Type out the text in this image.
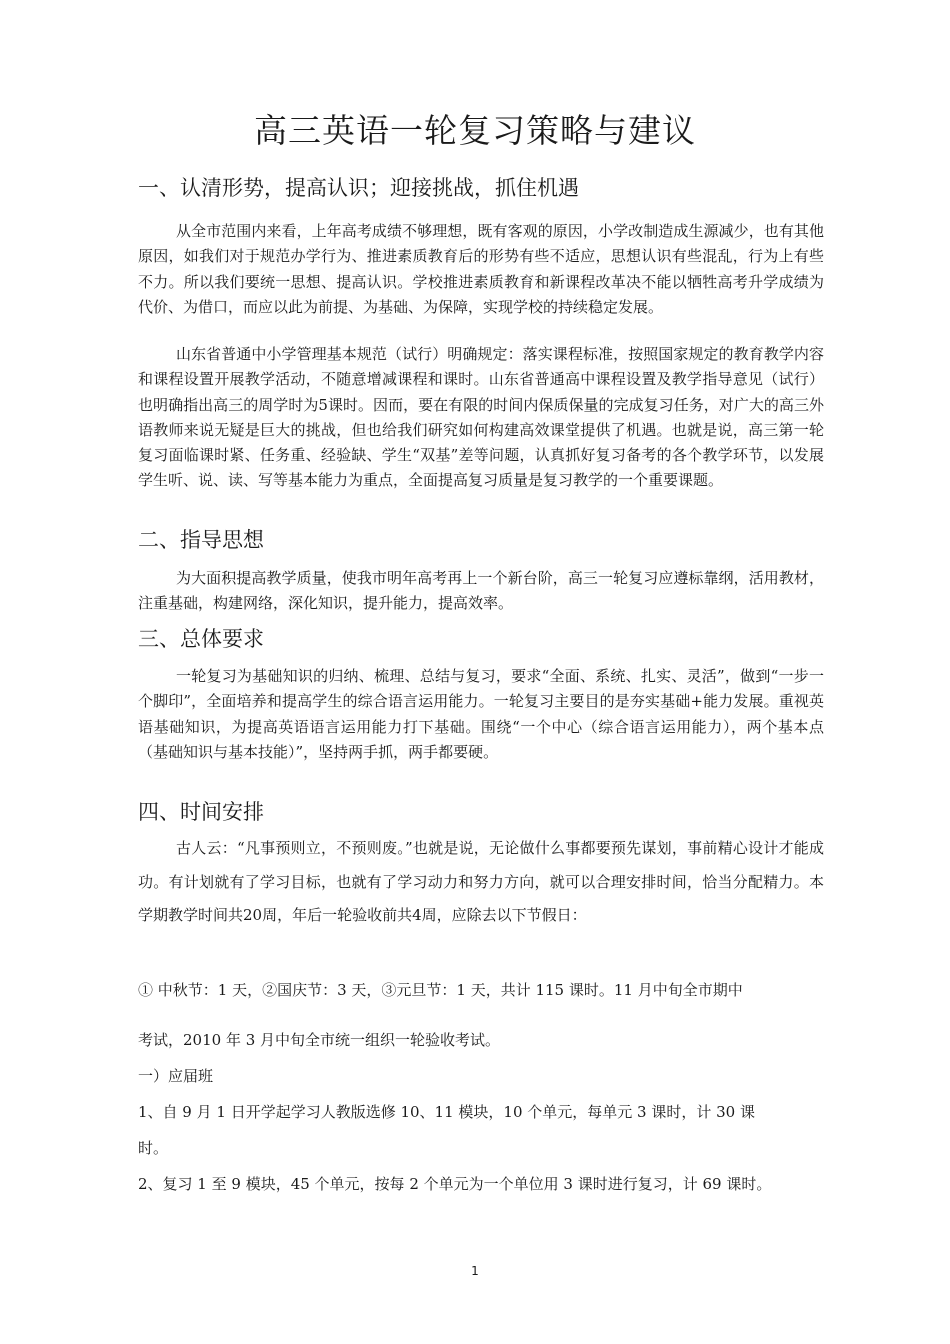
高三英语一轮复习策略与建议
一、认清形势，提高认识；迎接挑战，抓住机遇
从全市范围内来看，上年高考成绩不够理想，既有客观的原因，小学改制造成生源减少，也有其他原因，如我们对于规范办学行为、推进素质教育后的形势有些不适应，思想认识有些混乱，行为上有些不力。所以我们要统一思想、提高认识。学校推进素质教育和新课程改革决不能以牺牲高考升学成绩为代价、为借口，而应以此为前提、为基础、为保障，实现学校的持续稳定发展。
山东省普通中小学管理基本规范（试行）明确规定：落实课程标准，按照国家规定的教育教学内容和课程设置开展教学活动，不随意增减课程和课时。山东省普通高中课程设置及教学指导意见（试行）也明确指出高三的周学时为5课时。因而，要在有限的时间内保质保量的完成复习任务，对广大的高三外语教师来说无疑是巨大的挑战，但也给我们研究如何构建高效课堂提供了机遇。也就是说，高三第一轮复习面临课时紧、任务重、经验缺、学生“双基”差等问题，认真抓好复习备考的各个教学环节，以发展学生听、说、读、写等基本能力为重点，全面提高复习质量是复习教学的一个重要课题。
二、指导思想
为大面积提高教学质量，使我市明年高考再上一个新台阶，高三一轮复习应遵标靠纲，活用教材，注重基础，构建网络，深化知识，提升能力，提高效率。
三、总体要求
一轮复习为基础知识的归纳、梳理、总结与复习，要求“全面、系统、扎实、灵活”，做到“一步一个脚印”，全面培养和提高学生的综合语言运用能力。一轮复习主要目的是夯实基础+能力发展。重视英语基础知识，为提高英语语言运用能力打下基础。围绕“一个中心（综合语言运用能力），两个基本点（基础知识与基本技能）”，坚持两手抓，两手都要硬。
四、时间安排
古人云：“凡事预则立，不预则废。”也就是说，无论做什么事都要预先谋划，事前精心设计才能成功。有计划就有了学习目标，也就有了学习动力和努力方向，就可以合理安排时间，恰当分配精力。本学期教学时间共20周，年后一轮验收前共4周，应除去以下节假日：
① 中秋节：1 天，②国庆节：3 天，③元旦节：1 天，共计 115 课时。11 月中旬全市期中
考试，2010 年 3 月中旬全市统一组织一轮验收考试。
一）应届班
1、自 9 月 1 日开学起学习人教版选修 10、11 模块，10 个单元，每单元 3 课时，计 30 课
时。
2、复习 1 至 9 模块，45 个单元，按每 2 个单元为一个单位用 3 课时进行复习，计 69 课时。
1
